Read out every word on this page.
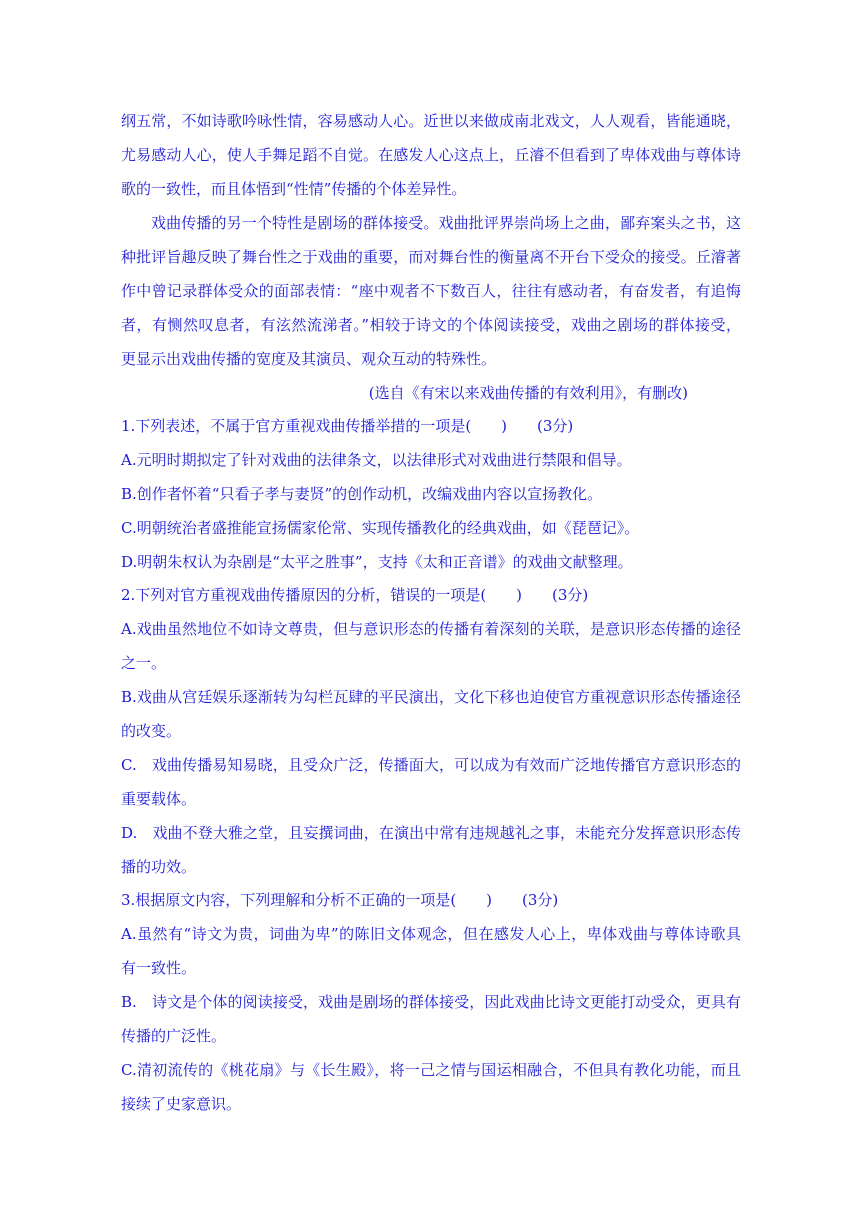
纲五常，不如诗歌吟咏性情，容易感动人心。近世以来做成南北戏文，人人观看，皆能通晓，
尤易感动人心，使人手舞足蹈不自觉。在感发人心这点上，丘濬不但看到了卑体戏曲与尊体诗
歌的一致性，而且体悟到“性情”传播的个体差异性。
戏曲传播的另一个特性是剧场的群体接受。戏曲批评界崇尚场上之曲，鄙弃案头之书，这
种批评旨趣反映了舞台性之于戏曲的重要，而对舞台性的衡量离不开台下受众的接受。丘濬著
作中曾记录群体受众的面部表情：“座中观者不下数百人，往往有感动者，有奋发者，有追悔
者，有恻然叹息者，有泫然流涕者。”相较于诗文的个体阅读接受，戏曲之剧场的群体接受，
更显示出戏曲传播的宽度及其演员、观众互动的特殊性。
(选自《有宋以来戏曲传播的有效利用》，有删改)
1.下列表述，不属于官方重视戏曲传播举措的一项是(　　)　　(3分)
A.元明时期拟定了针对戏曲的法律条文，以法律形式对戏曲进行禁限和倡导。
B.创作者怀着“只看子孝与妻贤”的创作动机，改编戏曲内容以宣扬教化。
C.明朝统治者盛推能宣扬儒家伦常、实现传播教化的经典戏曲，如《琵琶记》。
D.明朝朱权认为杂剧是“太平之胜事”，支持《太和正音谱》的戏曲文献整理。
2.下列对官方重视戏曲传播原因的分析，错误的一项是(　　)　　(3分)
A.戏曲虽然地位不如诗文尊贵，但与意识形态的传播有着深刻的关联，是意识形态传播的途径
之一。
B.戏曲从宫廷娱乐逐渐转为勾栏瓦肆的平民演出，文化下移也迫使官方重视意识形态传播途径
的改变。
C.　戏曲传播易知易晓，且受众广泛，传播面大，可以成为有效而广泛地传播官方意识形态的
重要载体。
D.　戏曲不登大雅之堂，且妄撰词曲，在演出中常有违规越礼之事，未能充分发挥意识形态传
播的功效。
3.根据原文内容，下列理解和分析不正确的一项是(　　)　　(3分)
A.虽然有“诗文为贵，词曲为卑”的陈旧文体观念，但在感发人心上，卑体戏曲与尊体诗歌具
有一致性。
B.　诗文是个体的阅读接受，戏曲是剧场的群体接受，因此戏曲比诗文更能打动受众，更具有
传播的广泛性。
C.清初流传的《桃花扇》与《长生殿》，将一己之情与国运相融合，不但具有教化功能，而且
接续了史家意识。
